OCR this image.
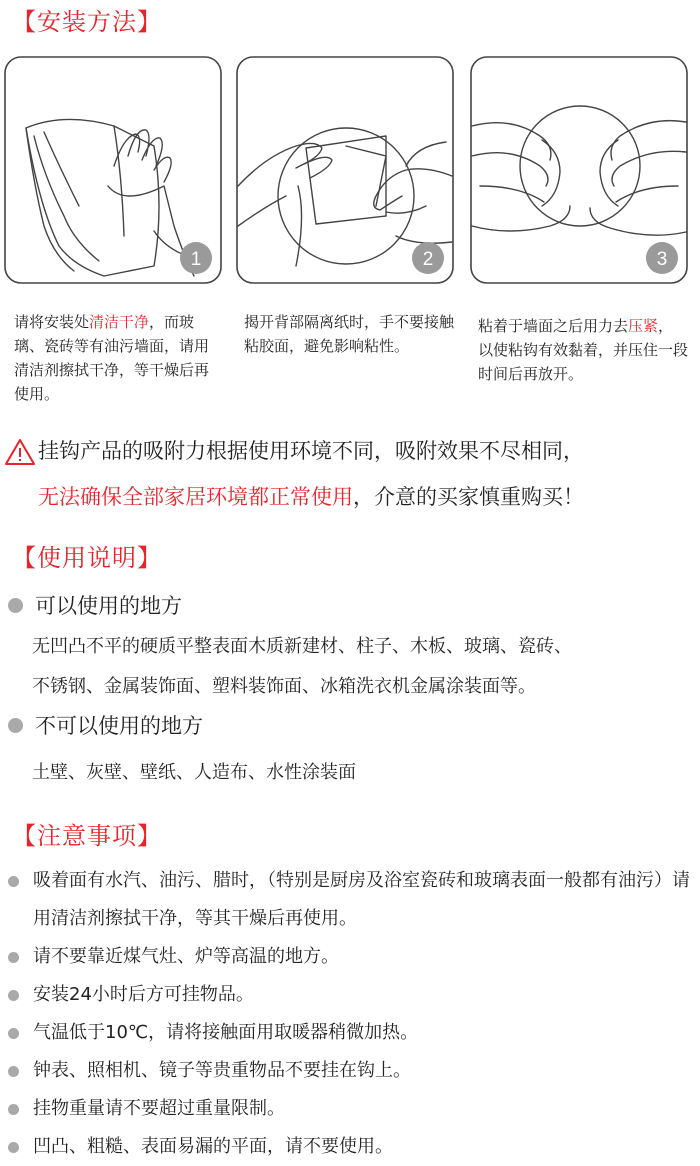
【安装方法】
1	2	3
请将安装处清洁干净，而玻璃、瓷砖等有油污墙面，请用清洁剂擦拭干净，等干燥后再使用。
揭开背部隔离纸时，手不要接触粘胶面，避免影响粘性。
粘着于墙面之后用力去压紧，以使粘钩有效黏着，并压住一段时间后再放开。
挂钩产品的吸附力根据使用环境不同，吸附效果不尽相同，
无法确保全部家居环境都正常使用，介意的买家慎重购买！
【使用说明】
可以使用的地方
无凹凸不平的硬质平整表面木质新建材、柱子、木板、玻璃、瓷砖、
不锈钢、金属装饰面、塑料装饰面、冰箱洗衣机金属涂装面等。
不可以使用的地方
土壁、灰壁、壁纸、人造布、水性涂装面
【注意事项】
吸着面有水汽、油污、腊时，（特别是厨房及浴室瓷砖和玻璃表面一般都有油污）请用清洁剂擦拭干净，等其干燥后再使用。
请不要靠近煤气灶、炉等高温的地方。
安装24小时后方可挂物品。
气温低于10℃，请将接触面用取暖器稍微加热。
钟表、照相机、镜子等贵重物品不要挂在钩上。
挂物重量请不要超过重量限制。
凹凸、粗糙、表面易漏的平面，请不要使用。
